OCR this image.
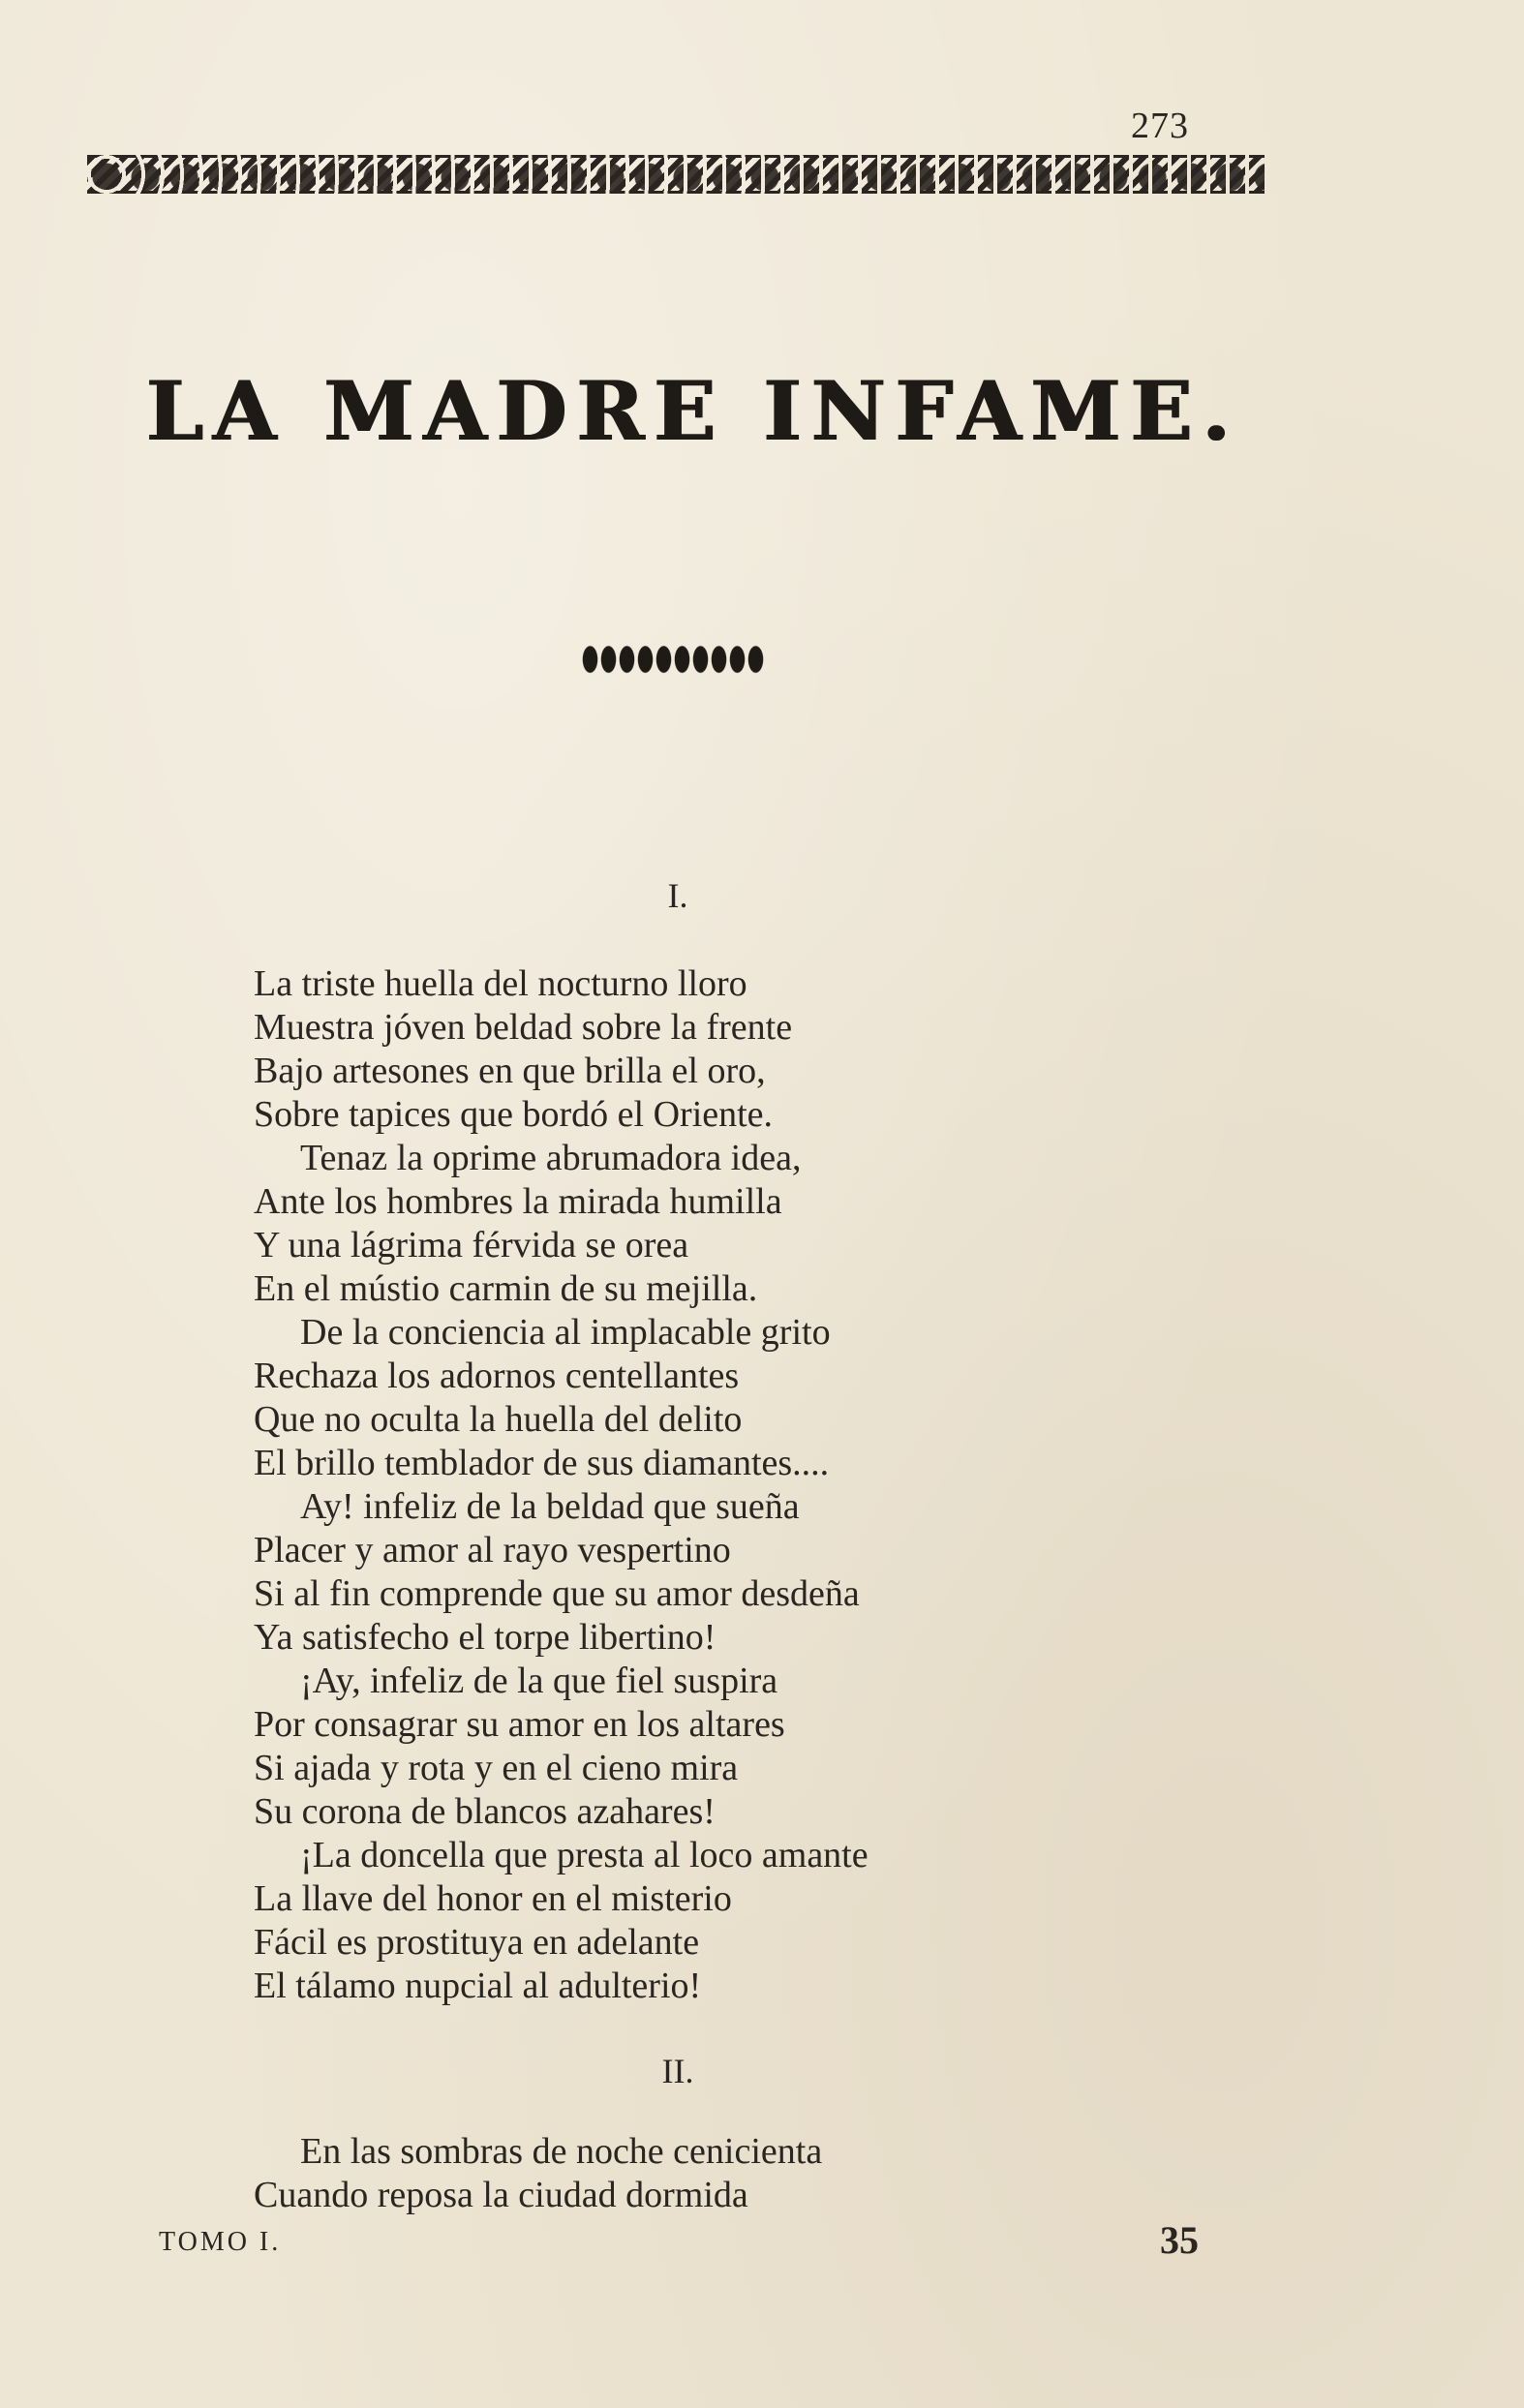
273
LA MADRE INFAME.
I.
La triste huella del nocturno lloro
Muestra jóven beldad sobre la frente
Bajo artesones en que brilla el oro,
Sobre tapices que bordó el Oriente.
Tenaz la oprime abrumadora idea,
Ante los hombres la mirada humilla
Y una lágrima férvida se orea
En el mústio carmin de su mejilla.
De la conciencia al implacable grito
Rechaza los adornos centellantes
Que no oculta la huella del delito
El brillo temblador de sus diamantes....
Ay! infeliz de la beldad que sueña
Placer y amor al rayo vespertino
Si al fin comprende que su amor desdeña
Ya satisfecho el torpe libertino!
¡Ay, infeliz de la que fiel suspira
Por consagrar su amor en los altares
Si ajada y rota y en el cieno mira
Su corona de blancos azahares!
¡La doncella que presta al loco amante
La llave del honor en el misterio
Fácil es prostituya en adelante
El tálamo nupcial al adulterio!
II.
En las sombras de noche cenicienta
Cuando reposa la ciudad dormida
TOMO I.	35
